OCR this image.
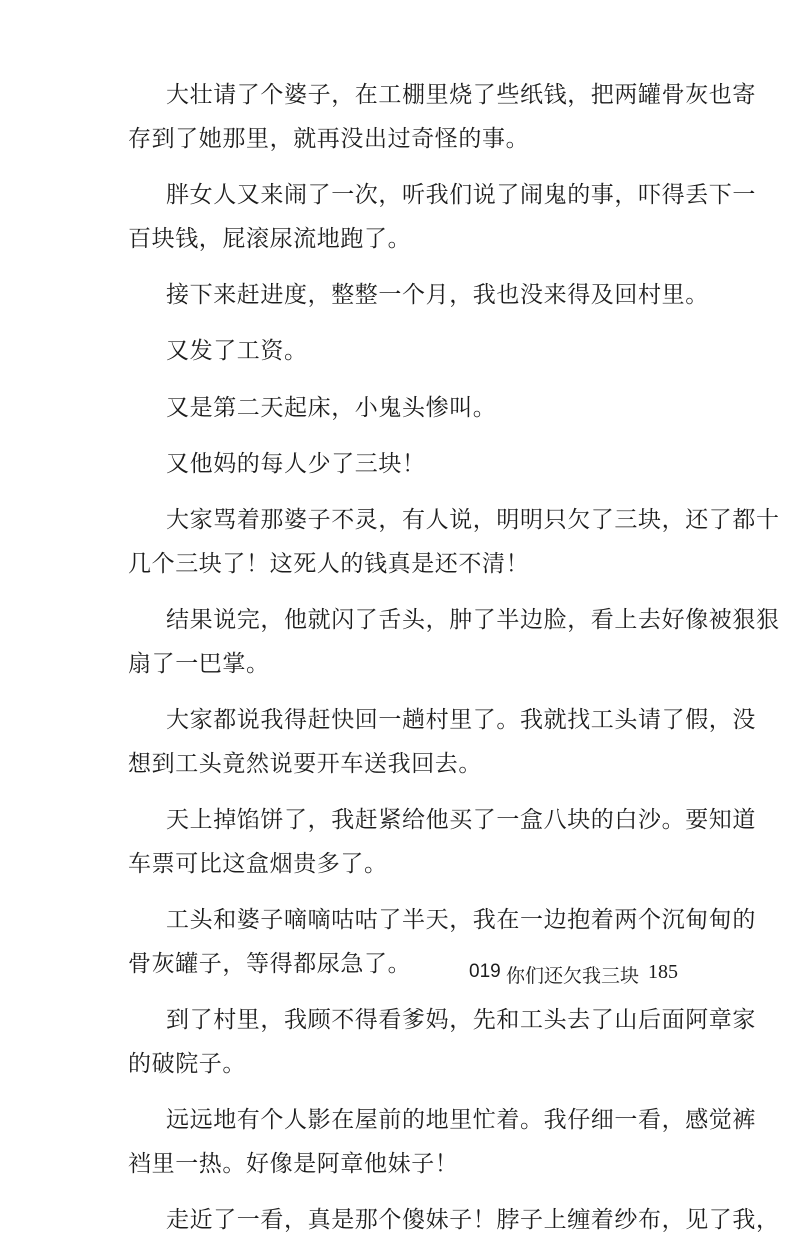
大壮请了个婆子，在工棚里烧了些纸钱，把两罐骨灰也寄
存到了她那里，就再没出过奇怪的事。

胖女人又来闹了一次，听我们说了闹鬼的事，吓得丢下一
百块钱，屁滚尿流地跑了。

接下来赶进度，整整一个月，我也没来得及回村里。

又发了工资。

又是第二天起床，小鬼头惨叫。

又他妈的每人少了三块！

大家骂着那婆子不灵，有人说，明明只欠了三块，还了都十
几个三块了！这死人的钱真是还不清！

结果说完，他就闪了舌头，肿了半边脸，看上去好像被狠狠
扇了一巴掌。

大家都说我得赶快回一趟村里了。我就找工头请了假，没
想到工头竟然说要开车送我回去。

天上掉馅饼了，我赶紧给他买了一盒八块的白沙。要知道
车票可比这盒烟贵多了。

工头和婆子嘀嘀咕咕了半天，我在一边抱着两个沉甸甸的
骨灰罐子，等得都尿急了。

到了村里，我顾不得看爹妈，先和工头去了山后面阿章家
的破院子。

远远地有个人影在屋前的地里忙着。我仔细一看，感觉裤
裆里一热。好像是阿章他妹子！

走近了一看，真是那个傻妹子！脖子上缠着纱布，见了我，

019 你们还欠我三块 185
